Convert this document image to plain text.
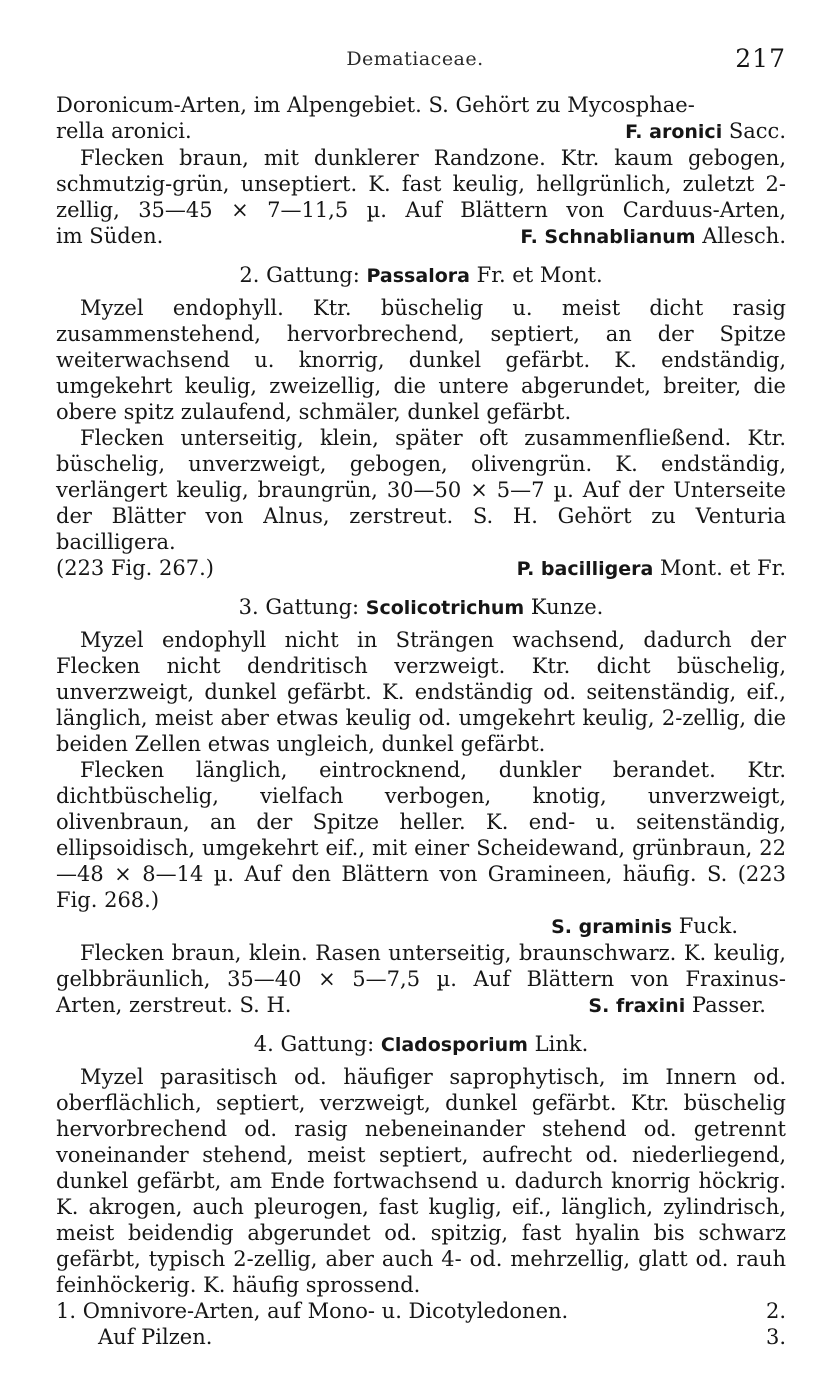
Dematiaceae.	217
Doronicum-Arten, im Alpengebiet. S. Gehört zu Mycosphae-
rella aronici.	F. aronici Sacc.

Flecken braun, mit dunklerer Randzone. Ktr. kaum gebogen, schmutzig-grün, unseptiert. K. fast keulig, hellgrünlich, zuletzt 2-zellig, 35—45 × 7—11,5 µ. Auf Blättern von Carduus-Arten,

im Süden.	F. Schnablianum Allesch.
2. Gattung: Passalora Fr. et Mont.

Myzel endophyll. Ktr. büschelig u. meist dicht rasig zusammenstehend, hervorbrechend, septiert, an der Spitze weiterwachsend u. knorrig, dunkel gefärbt. K. endständig, umgekehrt keulig, zweizellig, die untere abgerundet, breiter, die obere spitz zulaufend, schmäler, dunkel gefärbt.

Flecken unterseitig, klein, später oft zusammenfließend. Ktr. büschelig, unverzweigt, gebogen, olivengrün. K. endständig, verlängert keulig, braungrün, 30—50 × 5—7 µ. Auf der Unterseite der Blätter von Alnus, zerstreut. S. H. Gehört zu Venturia bacilligera.

(223 Fig. 267.)	P. bacilligera Mont. et Fr.
3. Gattung: Scolicotrichum Kunze.

Myzel endophyll nicht in Strängen wachsend, dadurch der Flecken nicht dendritisch verzweigt. Ktr. dicht büschelig, unverzweigt, dunkel gefärbt. K. endständig od. seitenständig, eif., länglich, meist aber etwas keulig od. umgekehrt keulig, 2-zellig, die beiden Zellen etwas ungleich, dunkel gefärbt.

Flecken länglich, eintrocknend, dunkler berandet. Ktr. dichtbüschelig, vielfach verbogen, knotig, unverzweigt, olivenbraun, an der Spitze heller. K. end- u. seitenständig, ellipsoidisch, umgekehrt eif., mit einer Scheidewand, grünbraun, 22—48 × 8—14 µ. Auf den Blättern von Gramineen, häufig. S. (223 Fig. 268.)

S. graminis Fuck.

Flecken braun, klein. Rasen unterseitig, braunschwarz. K. keulig, gelbbräunlich, 35—40 × 5—7,5 µ. Auf Blättern von Fraxinus-

Arten, zerstreut. S. H.	S. fraxini Passer.
4. Gattung: Cladosporium Link.

Myzel parasitisch od. häufiger saprophytisch, im Innern od. oberflächlich, septiert, verzweigt, dunkel gefärbt. Ktr. büschelig hervorbrechend od. rasig nebeneinander stehend od. getrennt voneinander stehend, meist septiert, aufrecht od. niederliegend, dunkel gefärbt, am Ende fortwachsend u. dadurch knorrig höckrig. K. akrogen, auch pleurogen, fast kuglig, eif., länglich, zylindrisch, meist beidendig abgerundet od. spitzig, fast hyalin bis schwarz gefärbt, typisch 2-zellig, aber auch 4- od. mehrzellig, glatt od. rauh feinhöckerig. K. häufig sprossend.

1. Omnivore-Arten, auf Mono- u. Dicotyledonen.	2.
Auf Pilzen.	3.
